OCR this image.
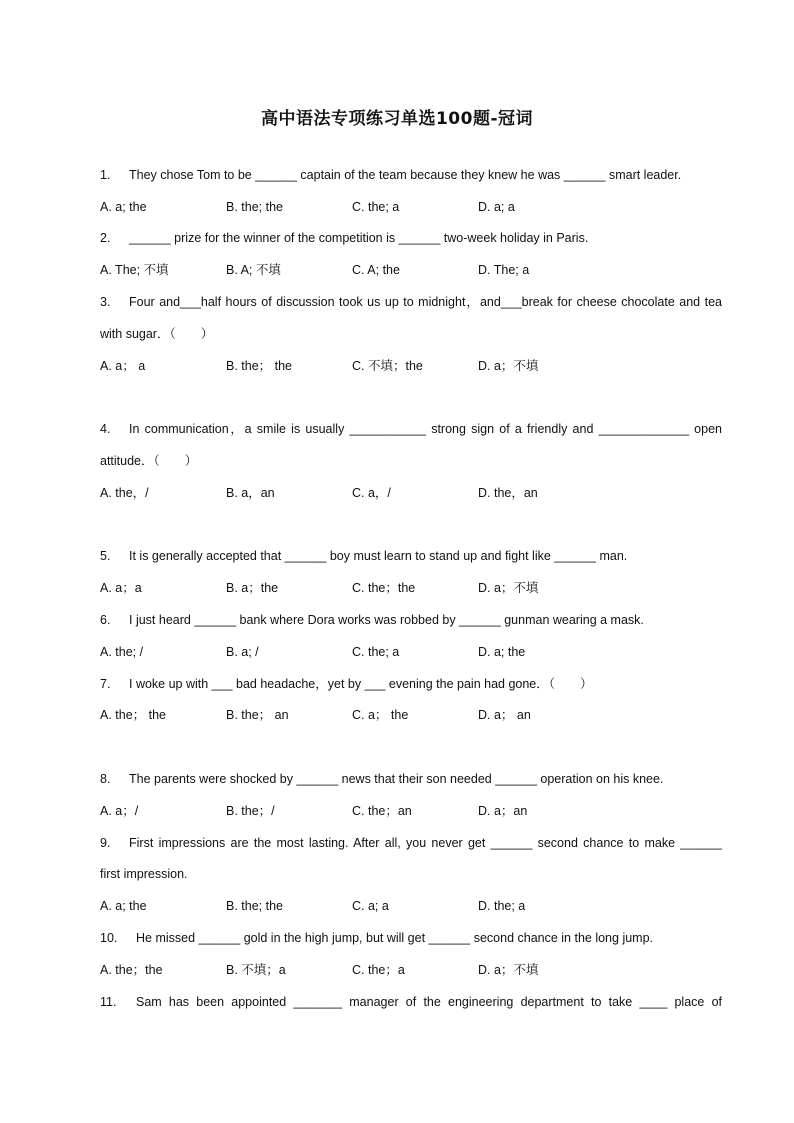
高中语法专项练习单选100题-冠词
1. They chose Tom to be ______ captain of the team because they knew he was ______ smart leader.
A. a; the	B. the; the	C. the; a	D. a; a
2. ______ prize for the winner of the competition is ______ two-week holiday in Paris.
A. The; 不填	B. A; 不填	C. A; the	D. The; a
3. Four and___half hours of discussion took us up to midnight，and___break for cheese chocolate and tea
with sugar．（　　）
A. a； a	B. the； the	C. 不填；the	D. a；不填
4. In communication，a smile is usually ___________ strong sign of a friendly and _____________ open
attitude．（　　）
A. the，/	B. a，an	C. a，/	D. the，an
5. It is generally accepted that ______ boy must learn to stand up and fight like ______ man.
A. a；a	B. a；the	C. the；the	D. a；不填
6. I just heard ______ bank where Dora works was robbed by ______ gunman wearing a mask.
A. the; /	B. a; /	C. the; a	D. a; the
7. I woke up with ___ bad headache，yet by ___ evening the pain had gone．（　　）
A. the； the	B. the； an	C. a； the	D. a； an
8. The parents were shocked by ______ news that their son needed ______ operation on his knee.
A. a；/	B. the；/	C. the；an	D. a；an
9. First impressions are the most lasting. After all, you never get ______ second chance to make ______
first impression.
A. a; the	B. the; the	C. a; a	D. the; a
10. He missed ______ gold in the high jump, but will get ______ second chance in the long jump.
A. the；the	B. 不填；a	C. the；a	D. a；不填
11. Sam has been appointed _______ manager of the engineering department to take ____ place of
